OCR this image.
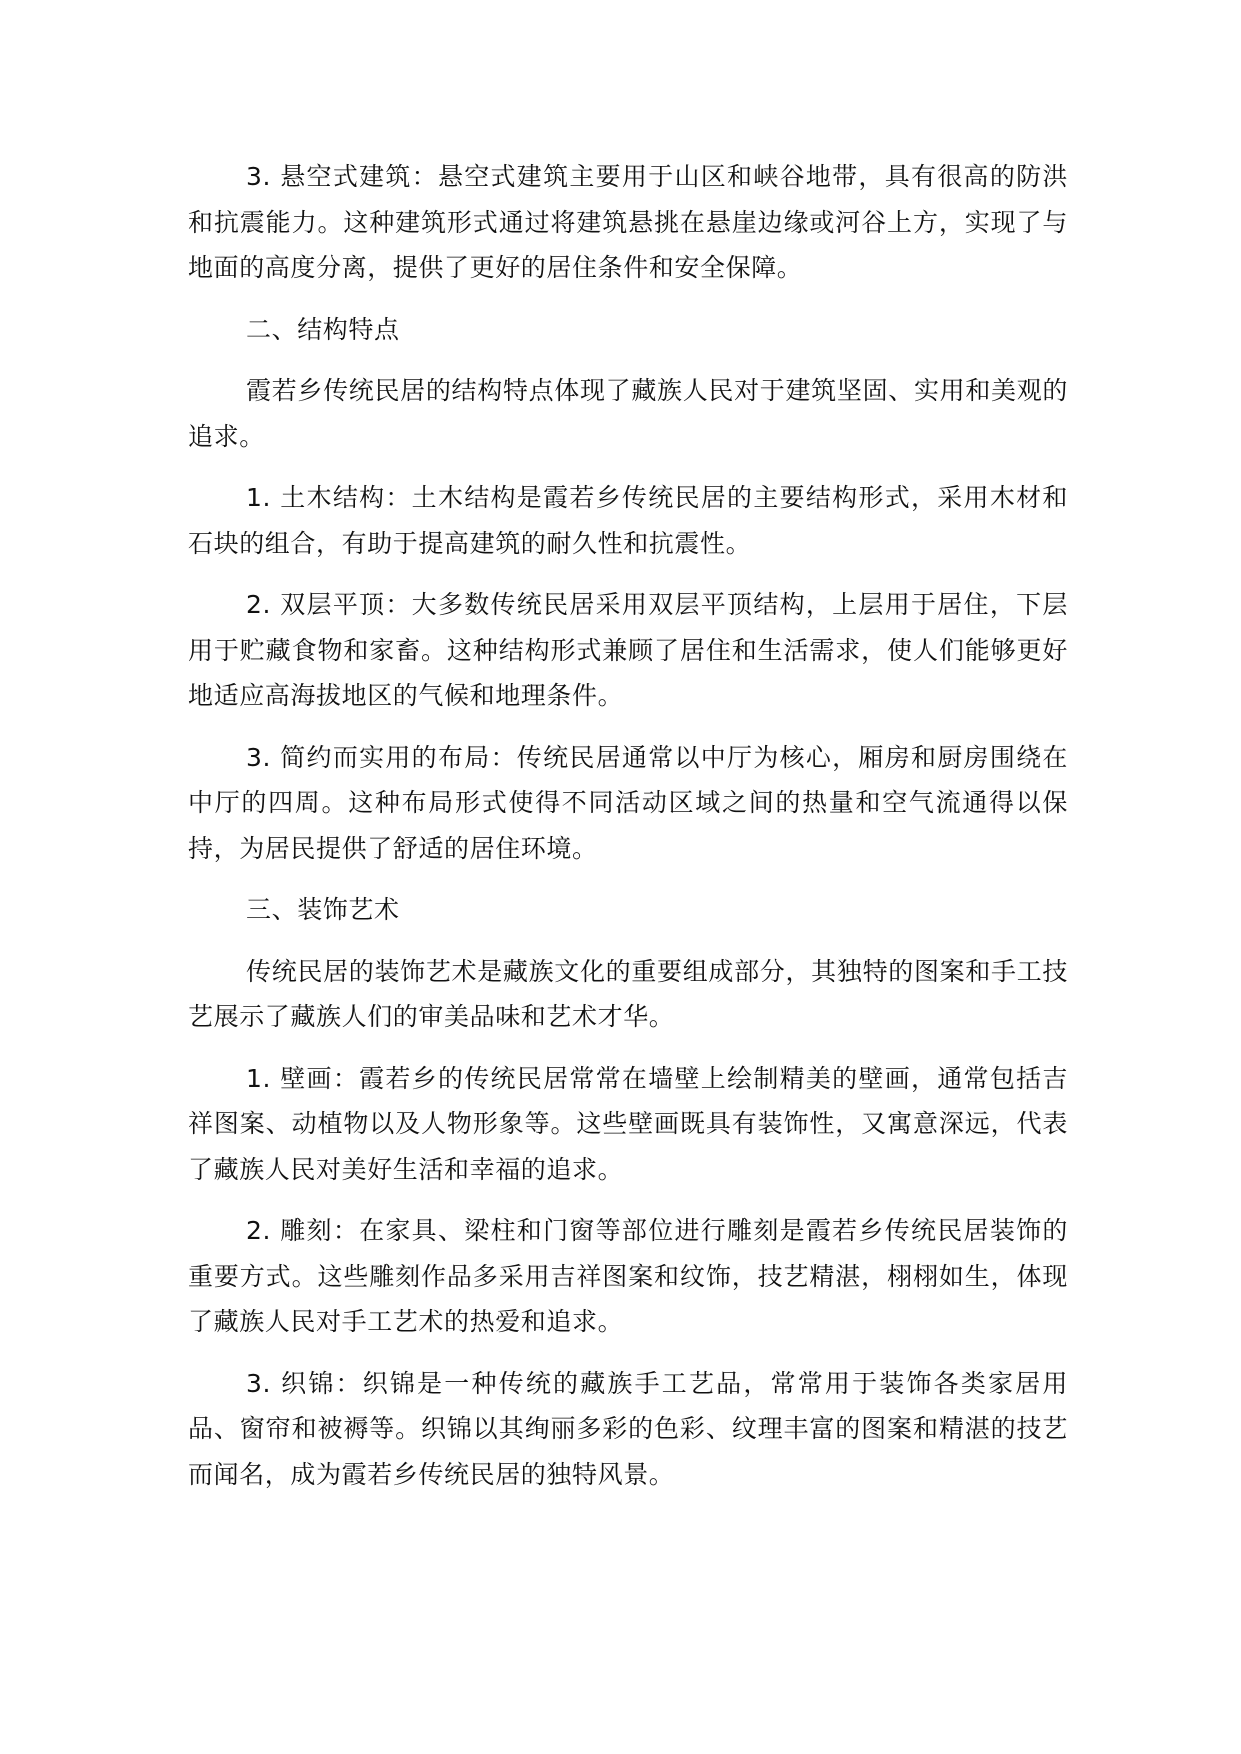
3. 悬空式建筑：悬空式建筑主要用于山区和峡谷地带，具有很高的防洪和抗震能力。这种建筑形式通过将建筑悬挑在悬崖边缘或河谷上方，实现了与地面的高度分离，提供了更好的居住条件和安全保障。

二、结构特点

霞若乡传统民居的结构特点体现了藏族人民对于建筑坚固、实用和美观的追求。

1. 土木结构：土木结构是霞若乡传统民居的主要结构形式，采用木材和石块的组合，有助于提高建筑的耐久性和抗震性。

2. 双层平顶：大多数传统民居采用双层平顶结构，上层用于居住，下层用于贮藏食物和家畜。这种结构形式兼顾了居住和生活需求，使人们能够更好地适应高海拔地区的气候和地理条件。

3. 简约而实用的布局：传统民居通常以中厅为核心，厢房和厨房围绕在中厅的四周。这种布局形式使得不同活动区域之间的热量和空气流通得以保持，为居民提供了舒适的居住环境。

三、装饰艺术

传统民居的装饰艺术是藏族文化的重要组成部分，其独特的图案和手工技艺展示了藏族人们的审美品味和艺术才华。

1. 壁画：霞若乡的传统民居常常在墙壁上绘制精美的壁画，通常包括吉祥图案、动植物以及人物形象等。这些壁画既具有装饰性，又寓意深远，代表了藏族人民对美好生活和幸福的追求。

2. 雕刻：在家具、梁柱和门窗等部位进行雕刻是霞若乡传统民居装饰的重要方式。这些雕刻作品多采用吉祥图案和纹饰，技艺精湛，栩栩如生，体现了藏族人民对手工艺术的热爱和追求。

3. 织锦：织锦是一种传统的藏族手工艺品，常常用于装饰各类家居用品、窗帘和被褥等。织锦以其绚丽多彩的色彩、纹理丰富的图案和精湛的技艺而闻名，成为霞若乡传统民居的独特风景。
